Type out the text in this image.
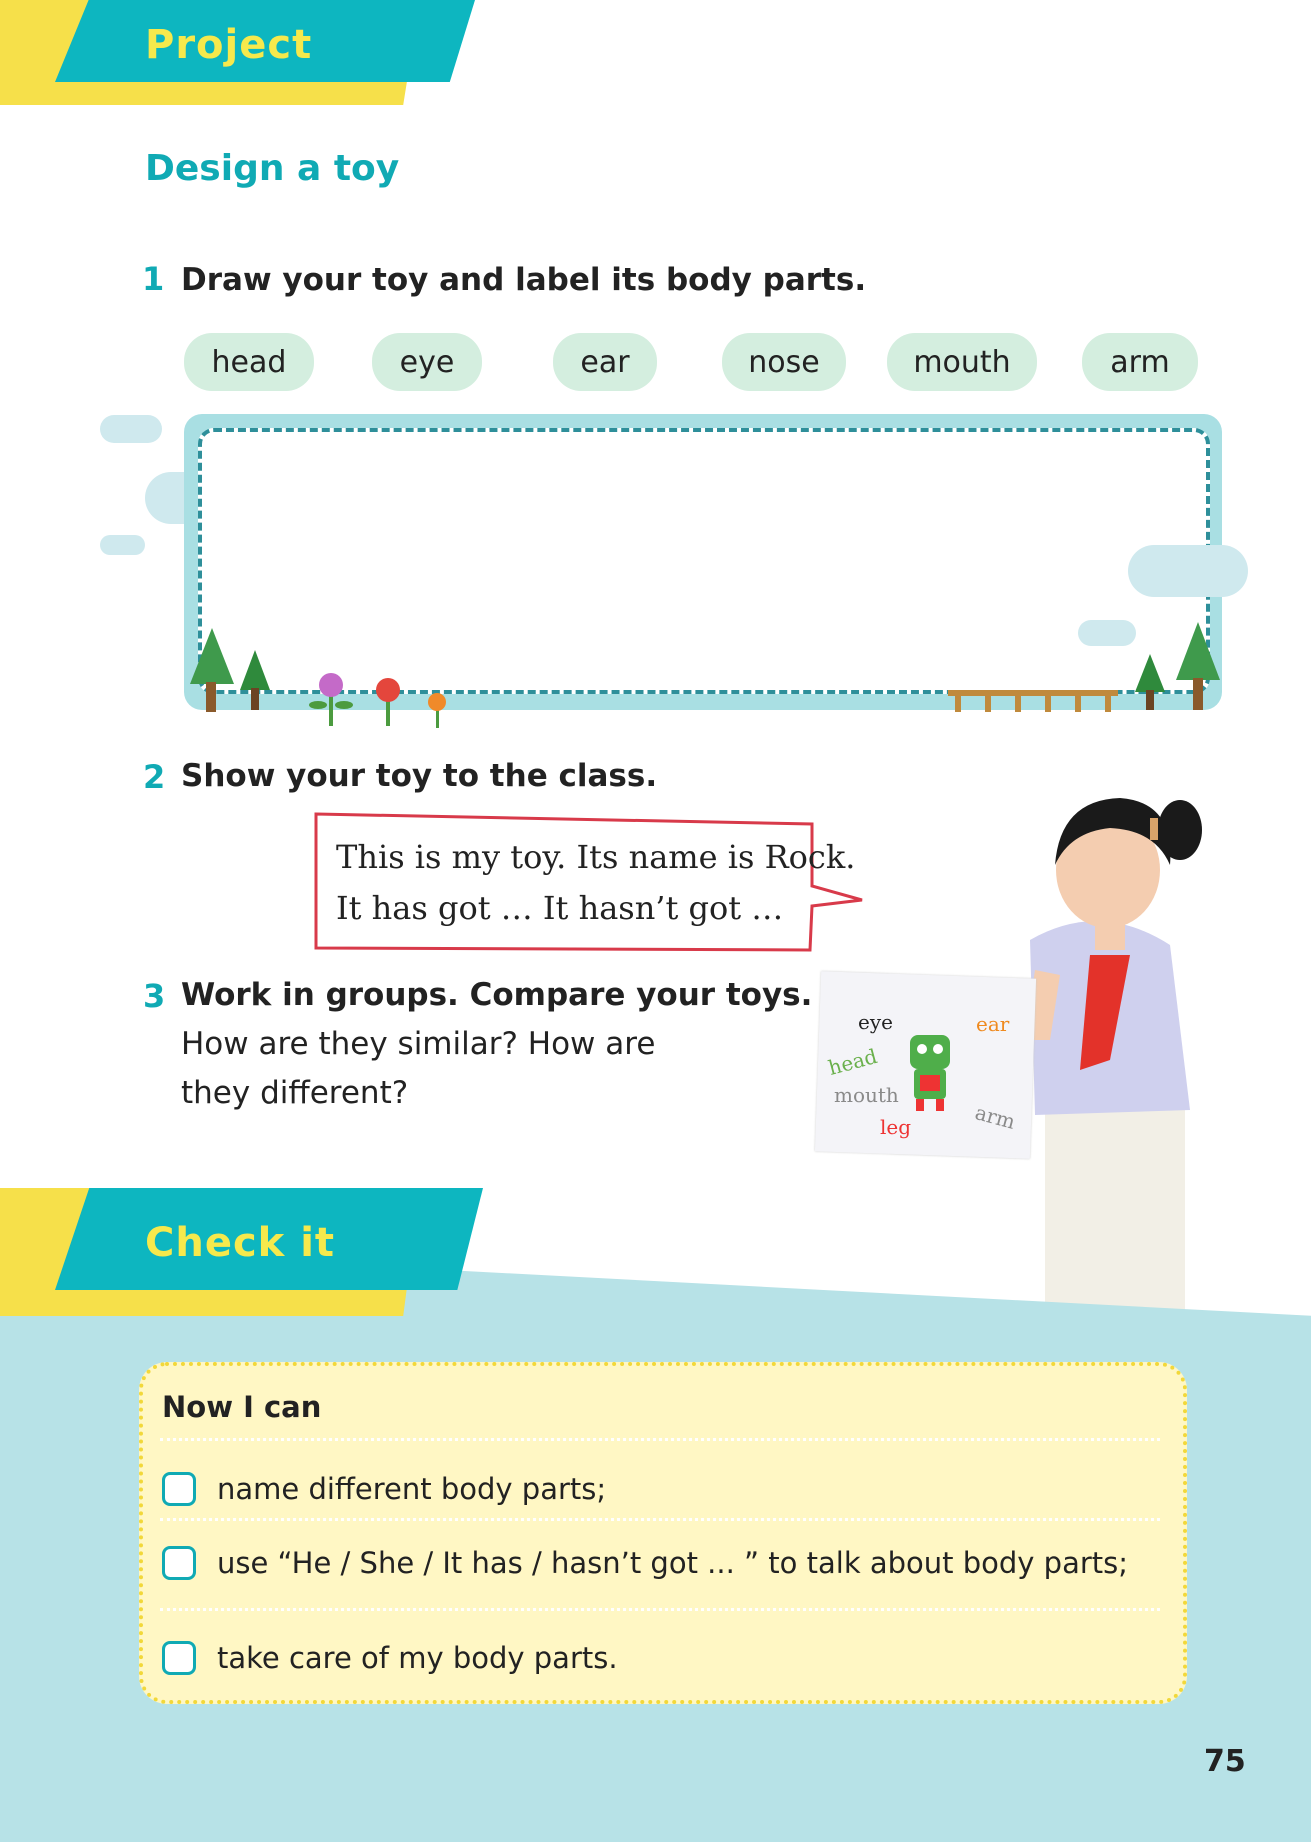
Project
Design a toy
1 Draw your toy and label its body parts.
head	eye	ear	nose	mouth	arm
2 Show your toy to the class.
This is my toy. Its name is Rock.
It has got … It hasn’t got …
3 Work in groups. Compare your toys.
How are they similar? How are
they different?
eye	ear
head
mouth
leg	arm
Check it
Now I can
name different body parts;
use “He / She / It has / hasn’t got ... ” to talk about body parts;
take care of my body parts.
75
